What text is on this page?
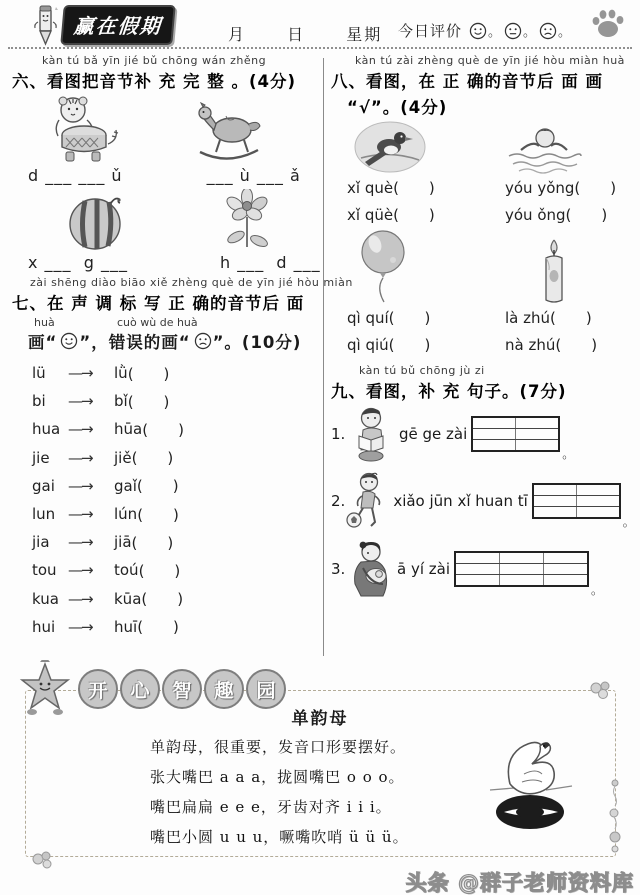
赢在假期	月	日	星期	今日评价 。 。 。
kàn tú bǎ yīn jié bǔ chōng wán zhěng
六、看图把音节补 充 完 整 。(4分)
d ___ ___ ǔ	___ ù ___ ǎ
x ___  g ___	h ___  d ___
zài shēng diào biāo xiě zhèng què de yīn jié hòu miàn
七、在 声 调 标 写 正 确的音节后 面
huà	cuò wù de huà
画“ ”，错误的画“ ”。(10分)
lü	—→	lǜ (　　)
bi	—→	bǐ (　　)
hua —→	hūa (　　)
jie	—→	jiě (　　)
gai —→	gaǐ (　　)
lun —→	lún (　　)
jia	—→	jiā (　　)
tou —→	toú (　　)
kua —→	kūa (　　)
hui —→	huī (　　)
kàn tú zài zhèng què de yīn jié hòu miàn huà
八、看图，在 正 确的音节后 面 画
“√”。(4分)
xǐ què(　　)	yóu yǒng(　　)
xǐ qüè(　　)	yóu ǒng(　　)
qì quí(　　)	là zhú(　　)
qì qiú(　　)	nà zhú(　　)
kàn tú bǔ chōng jù zi
九、看图，补 充 句子。(7分)
1.	gē ge zài
。
2.	xiǎo jūn xǐ huan tī
。
3.	ā yí zài
。
开	心	智	趣	园
单韵母
单韵母，很重要，发音口形要摆好。
张大嘴巴 a a a，拢圆嘴巴 o o o。
嘴巴扁扁 e e e，牙齿对齐 i i i。
嘴巴小圆 u u u，噘嘴吹哨 ü ü ü。
头条 @群子老师资料库
